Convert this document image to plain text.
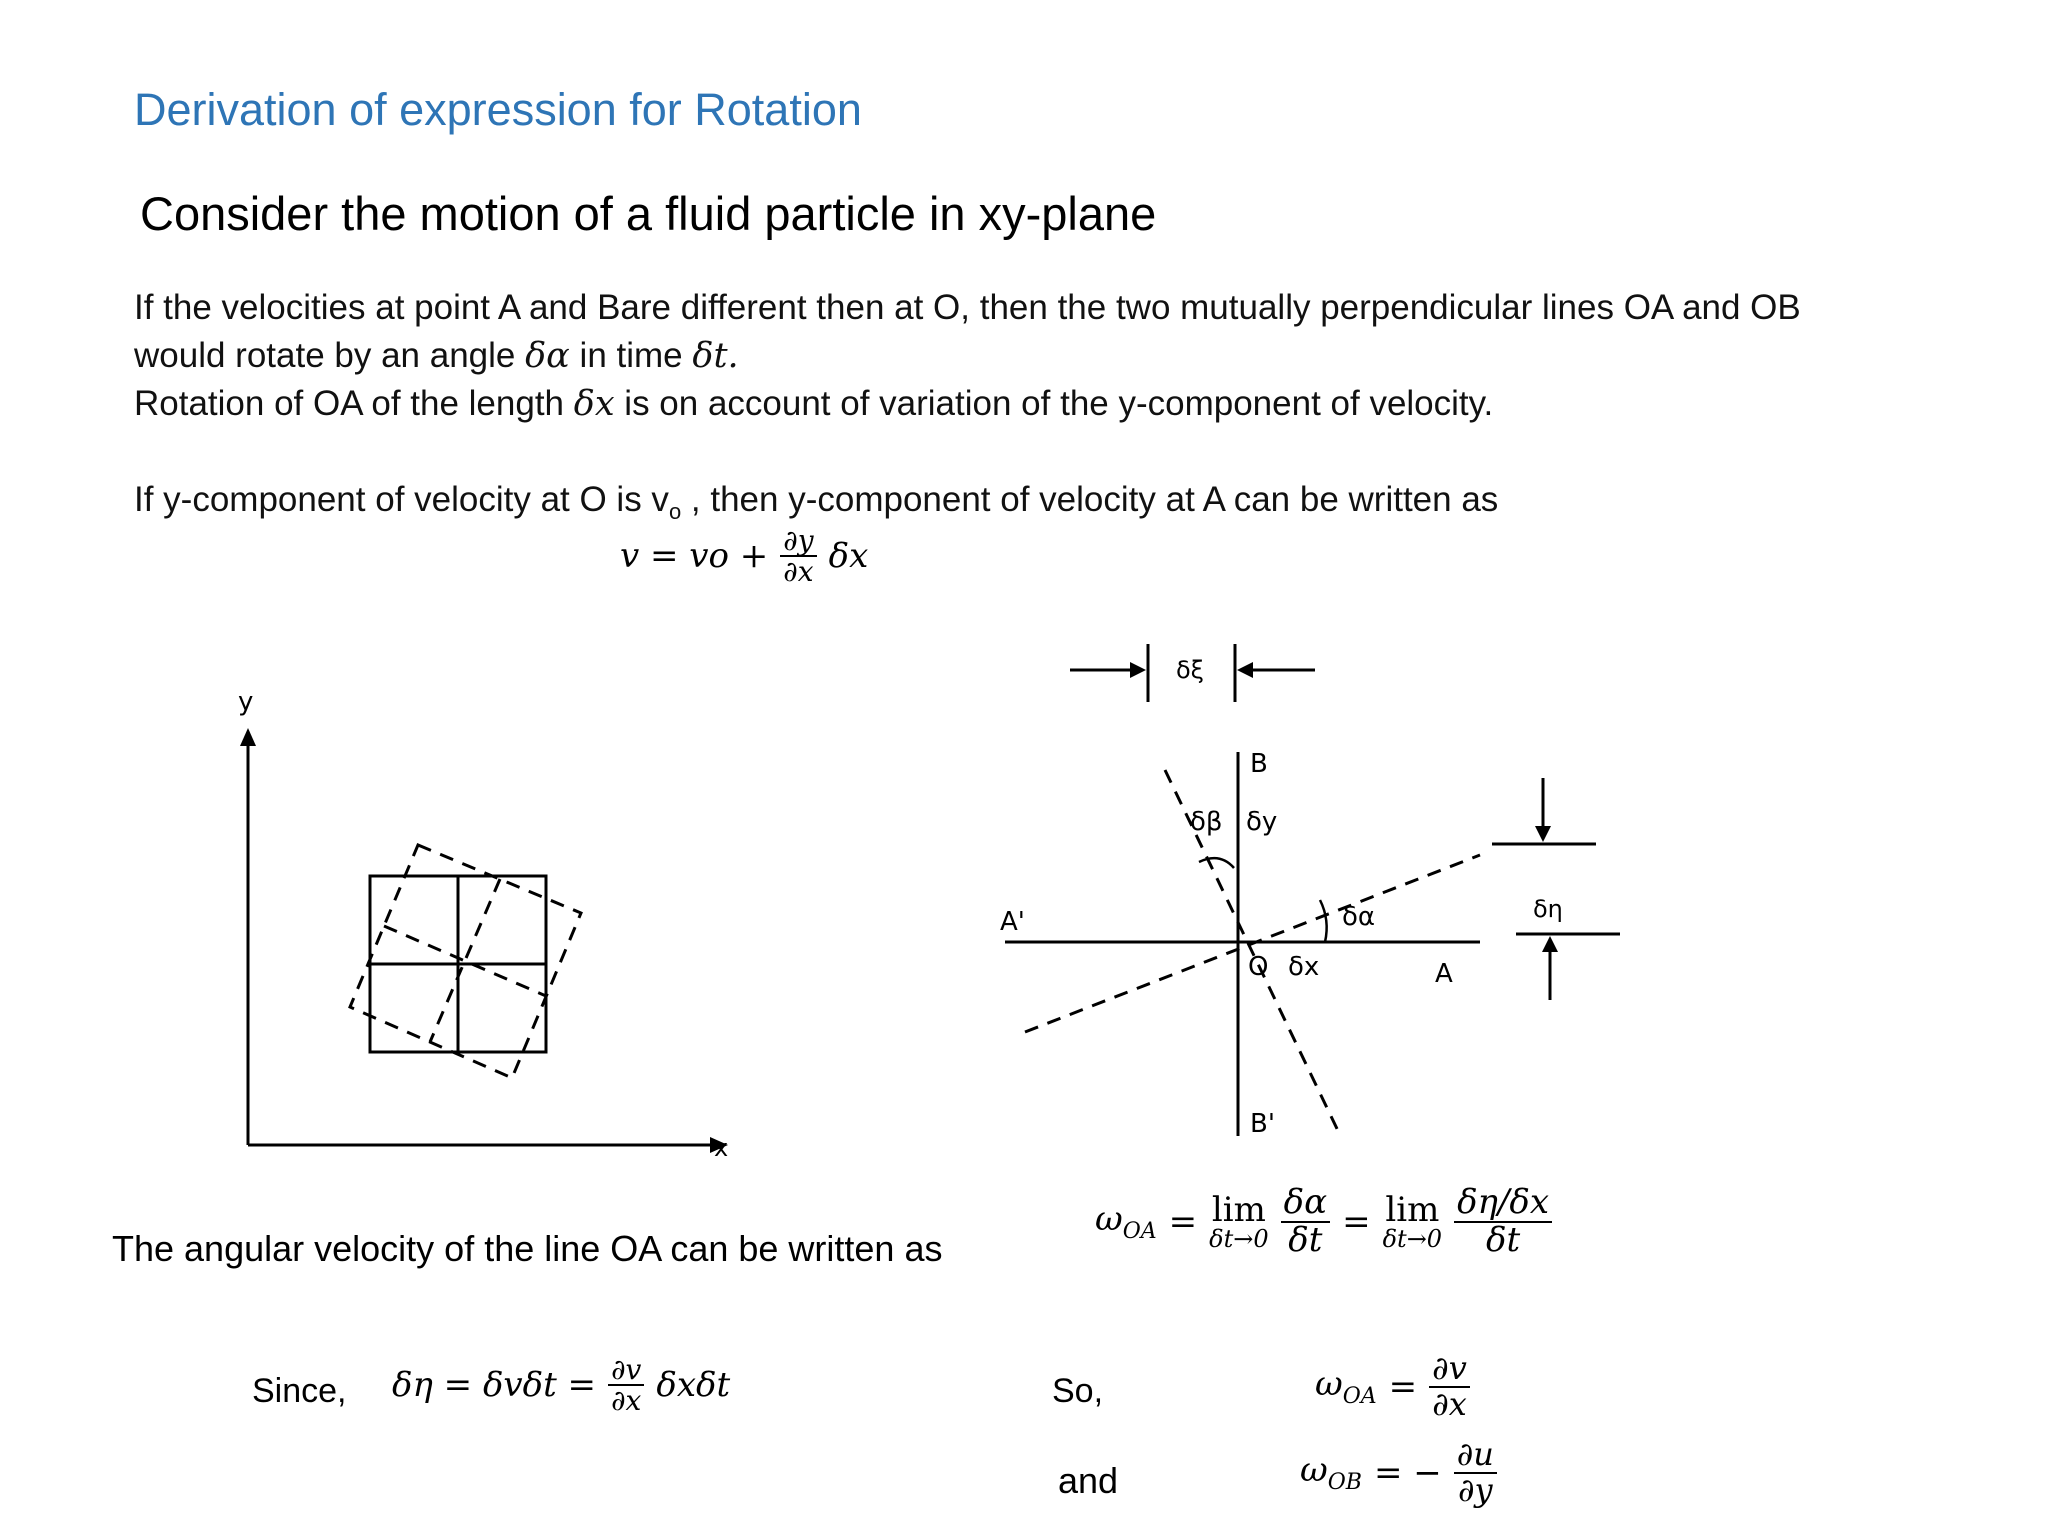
Derivation of expression for Rotation
Consider the motion of a fluid particle in xy-plane
If the velocities at point A and Bare different then at O, then the two mutually perpendicular lines OA and OB
would rotate by an angle δα in time δt.
Rotation of OA of the length δx is on account of variation of the y-component of velocity.
If y-component of velocity at O is $v_o$ , then y-component of velocity at A can be written as
v = vo + $\frac{\partial y}{\partial x}$ δx
y
x
δξ
B
δβ δy
δα
A'
O δx	A
B'
δη
The angular velocity of the line OA can be written as
$\omega_{OA} = \lim$
$\delta t\to 0 \frac{\delta\alpha}{\delta t} = \lim$
$\delta t\to 0 \frac{\delta\eta/\delta x}{\delta t}$
Since, $\delta\eta = \delta v\delta t = \frac{\partial v}{\partial x}$ δxδt	So,	$\omega_{OA} = \frac{\partial v}{\partial x}$
and	$\omega_{OB}$ = − $\frac{\partial u}{\partial y}$
